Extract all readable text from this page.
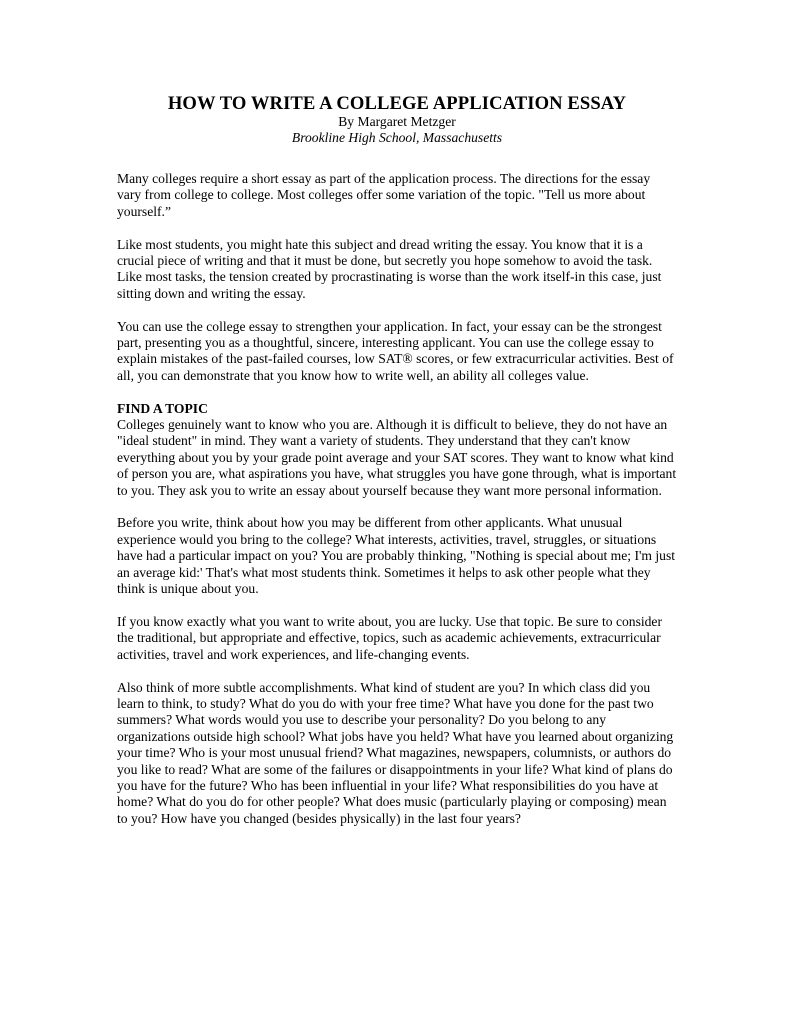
HOW TO WRITE A COLLEGE APPLICATION ESSAY

By Margaret Metzger

Brookline High School, Massachusetts

Many colleges require a short essay as part of the application process. The directions for the essay vary from college to college. Most colleges offer some variation of the topic. "Tell us more about yourself.”

Like most students, you might hate this subject and dread writing the essay. You know that it is a crucial piece of writing and that it must be done, but secretly you hope somehow to avoid the task. Like most tasks, the tension created by procrastinating is worse than the work itself-in this case, just sitting down and writing the essay.

You can use the college essay to strengthen your application. In fact, your essay can be the strongest part, presenting you as a thoughtful, sincere, interesting applicant. You can use the college essay to explain mistakes of the past-failed courses, low SAT® scores, or few extracurricular activities. Best of all, you can demonstrate that you know how to write well, an ability all colleges value.

FIND A TOPIC

Colleges genuinely want to know who you are. Although it is difficult to believe, they do not have an "ideal student" in mind. They want a variety of students. They understand that they can't know everything about you by your grade point average and your SAT scores. They want to know what kind of person you are, what aspirations you have, what struggles you have gone through, what is important to you. They ask you to write an essay about yourself because they want more personal information.

Before you write, think about how you may be different from other applicants. What unusual experience would you bring to the college? What interests, activities, travel, struggles, or situations have had a particular impact on you? You are probably thinking, "Nothing is special about me; I'm just an average kid:' That's what most students think. Sometimes it helps to ask other people what they think is unique about you.

If you know exactly what you want to write about, you are lucky. Use that topic. Be sure to consider the traditional, but appropriate and effective, topics, such as academic achievements, extracurricular activities, travel and work experiences, and life-changing events.

Also think of more subtle accomplishments. What kind of student are you? In which class did you learn to think, to study? What do you do with your free time? What have you done for the past two summers? What words would you use to describe your personality? Do you belong to any organizations outside high school? What jobs have you held? What have you learned about organizing your time? Who is your most unusual friend? What magazines, newspapers, columnists, or authors do you like to read? What are some of the failures or disappointments in your life? What kind of plans do you have for the future? Who has been influential in your life? What responsibilities do you have at home? What do you do for other people? What does music (particularly playing or composing) mean to you? How have you changed (besides physically) in the last four years?
